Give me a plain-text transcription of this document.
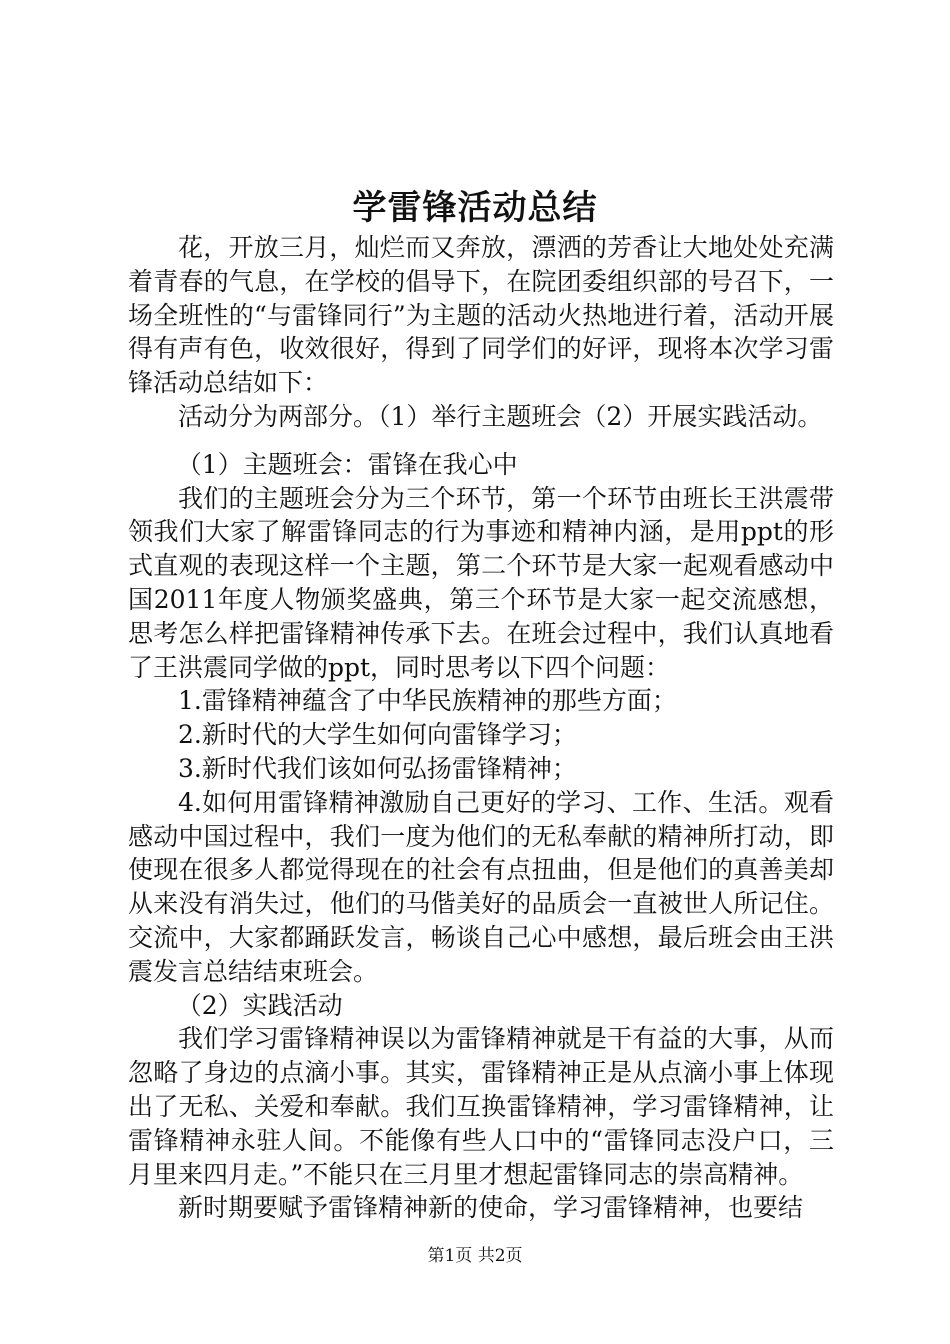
学雷锋活动总结

花，开放三月，灿烂而又奔放，漂洒的芳香让大地处处充满着青春的气息，在学校的倡导下，在院团委组织部的号召下，一场全班性的“与雷锋同行”为主题的活动火热地进行着，活动开展得有声有色，收效很好，得到了同学们的好评，现将本次学习雷锋活动总结如下：

活动分为两部分。（1）举行主题班会（2）开展实践活动。

（1）主题班会：雷锋在我心中

我们的主题班会分为三个环节，第一个环节由班长王洪震带领我们大家了解雷锋同志的行为事迹和精神内涵，是用ppt的形式直观的表现这样一个主题，第二个环节是大家一起观看感动中国2011年度人物颁奖盛典，第三个环节是大家一起交流感想，思考怎么样把雷锋精神传承下去。在班会过程中，我们认真地看了王洪震同学做的ppt，同时思考以下四个问题：

1.雷锋精神蕴含了中华民族精神的那些方面；

2.新时代的大学生如何向雷锋学习；

3.新时代我们该如何弘扬雷锋精神；

4.如何用雷锋精神激励自己更好的学习、工作、生活。观看感动中国过程中，我们一度为他们的无私奉献的精神所打动，即使现在很多人都觉得现在的社会有点扭曲，但是他们的真善美却从来没有消失过，他们的马偕美好的品质会一直被世人所记住。交流中，大家都踊跃发言，畅谈自己心中感想，最后班会由王洪震发言总结结束班会。

（2）实践活动

我们学习雷锋精神误以为雷锋精神就是干有益的大事，从而忽略了身边的点滴小事。其实，雷锋精神正是从点滴小事上体现出了无私、关爱和奉献。我们互换雷锋精神，学习雷锋精神，让雷锋精神永驻人间。不能像有些人口中的“雷锋同志没户口，三月里来四月走。”不能只在三月里才想起雷锋同志的崇高精神。

新时期要赋予雷锋精神新的使命，学习雷锋精神，也要结

第1页 共2页
